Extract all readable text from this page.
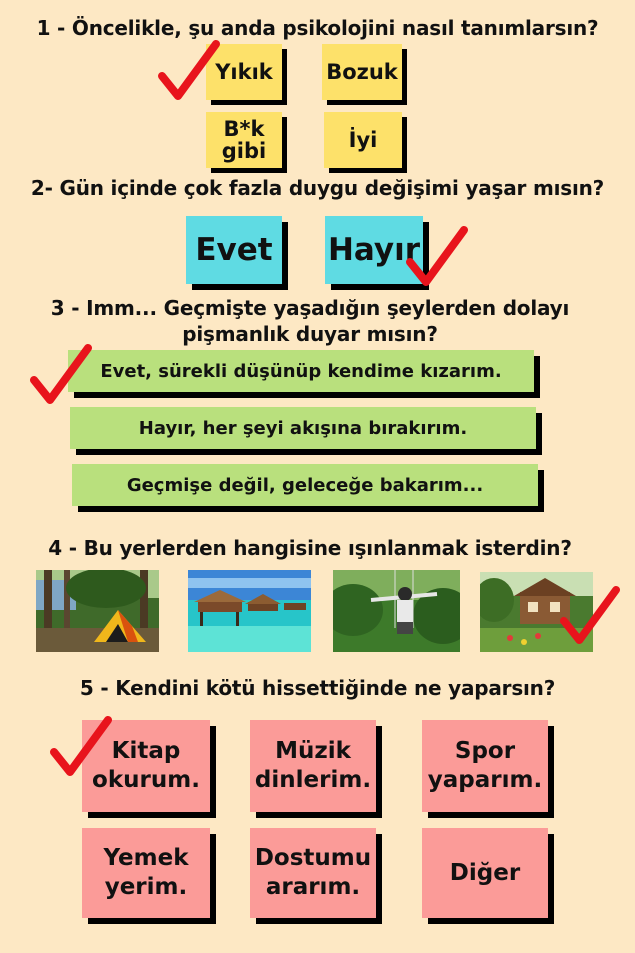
1 - Öncelikle, şu anda psikolojini nasıl tanımlarsın?
Yıkık	Bozuk
B*k gibi	İyi
2- Gün içinde çok fazla duygu değişimi yaşar mısın?
Evet Hayır
3 - Imm... Geçmişte yaşadığın şeylerden dolayı
pişmanlık duyar mısın?
Evet, sürekli düşünüp kendime kızarım.
Hayır, her şeyi akışına bırakırım.
Geçmişe değil, geleceğe bakarım...
4 - Bu yerlerden hangisine ışınlanmak isterdin?
5 - Kendini kötü hissettiğinde ne yaparsın?
Kitap
okurum.
Müzik
dinlerim.
Spor
yaparım.
Yemek
yerim.
Dostumu
ararım.
Diğer
